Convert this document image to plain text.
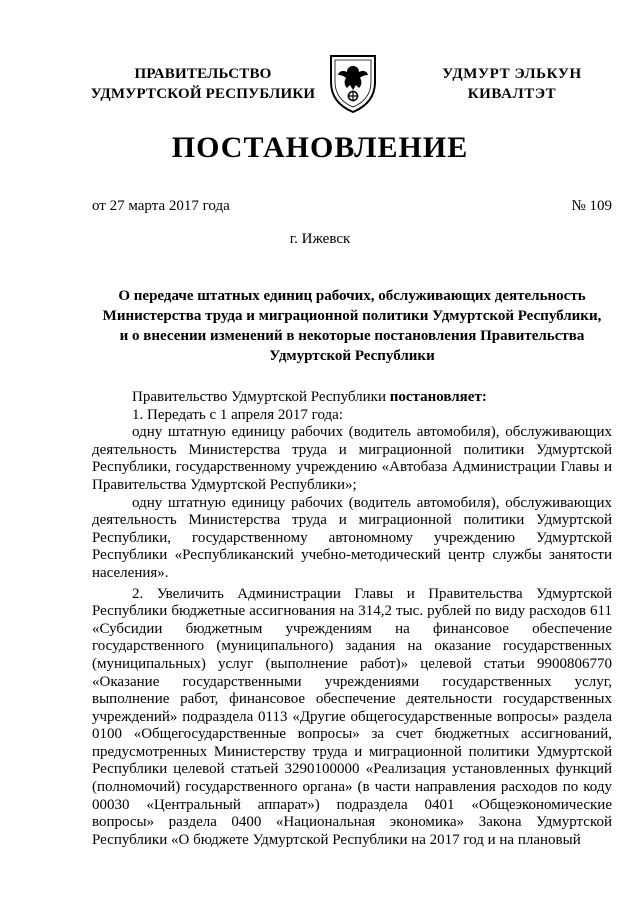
ПРАВИТЕЛЬСТВО
УДМУРТСКОЙ РЕСПУБЛИКИ
УДМУРТ ЭЛЬКУН
КИВАЛТЭТ
ПОСТАНОВЛЕНИЕ
от 27 марта 2017 года	№ 109
г. Ижевск
О передаче штатных единиц рабочих, обслуживающих деятельность
Министерства труда и миграционной политики Удмуртской Республики,
и о внесении изменений в некоторые постановления Правительства
Удмуртской Республики

Правительство Удмуртской Республики постановляет:

1. Передать с 1 апреля 2017 года:

одну штатную единицу рабочих (водитель автомобиля), обслуживающих деятельность Министерства труда и миграционной политики Удмуртской Республики, государственному учреждению «Автобаза Администрации Главы и Правительства Удмуртской Республики»;

одну штатную единицу рабочих (водитель автомобиля), обслуживающих деятельность Министерства труда и миграционной политики Удмуртской Республики, государственному автономному учреждению Удмуртской Республики «Республиканский учебно-методический центр службы занятости населения».

2. Увеличить Администрации Главы и Правительства Удмуртской Республики бюджетные ассигнования на 314,2 тыс. рублей по виду расходов 611 «Субсидии бюджетным учреждениям на финансовое обеспечение государственного (муниципального) задания на оказание государственных (муниципальных) услуг (выполнение работ)» целевой статьи 9900806770 «Оказание государственными учреждениями государственных услуг, выполнение работ, финансовое обеспечение деятельности государственных учреждений» подраздела 0113 «Другие общегосударственные вопросы» раздела 0100 «Общегосударственные вопросы» за счет бюджетных ассигнований, предусмотренных Министерству труда и миграционной политики Удмуртской Республики целевой статьей 3290100000 «Реализация установленных функций (полномочий) государственного органа» (в части направления расходов по коду 00030 «Центральный аппарат») подраздела 0401 «Общеэкономические вопросы» раздела 0400 «Национальная экономика» Закона Удмуртской Республики «О бюджете Удмуртской Республики на 2017 год и на плановый
